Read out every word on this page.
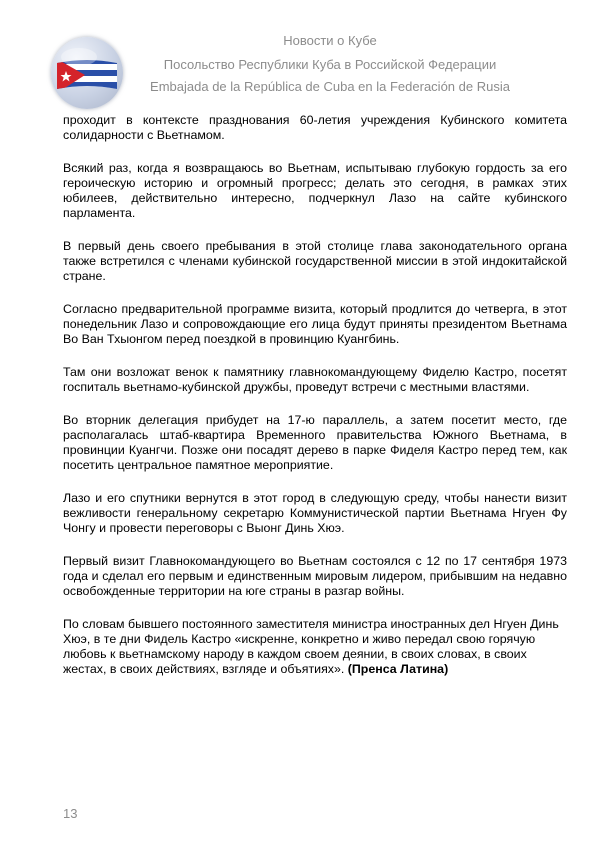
Новости о Кубе
Посольство Республики Куба в Российской Федерации
Embajada de la República de Cuba en la Federación de Rusia

проходит в контексте празднования 60-летия учреждения Кубинского комитета солидарности с Вьетнамом.

Всякий раз, когда я возвращаюсь во Вьетнам, испытываю глубокую гордость за его героическую историю и огромный прогресс; делать это сегодня, в рамках этих юбилеев, действительно интересно, подчеркнул Лазо на сайте кубинского парламента.

В первый день своего пребывания в этой столице глава законодательного органа также встретился с членами кубинской государственной миссии в этой индокитайской стране.

Согласно предварительной программе визита, который продлится до четверга, в этот понедельник Лазо и сопровождающие его лица будут приняты президентом Вьетнама Во Ван Тхыонгом перед поездкой в провинцию Куангбинь.

Там они возложат венок к памятнику главнокомандующему Фиделю Кастро, посетят госпиталь вьетнамо-кубинской дружбы, проведут встречи с местными властями.

Во вторник делегация прибудет на 17-ю параллель, а затем посетит место, где располагалась штаб-квартира Временного правительства Южного Вьетнама, в провинции Куангчи. Позже они посадят дерево в парке Фиделя Кастро перед тем, как посетить центральное памятное мероприятие.

Лазо и его спутники вернутся в этот город в следующую среду, чтобы нанести визит вежливости генеральному секретарю Коммунистической партии Вьетнама Нгуен Фу Чонгу и провести переговоры с Выонг Динь Хюэ.

Первый визит Главнокомандующего во Вьетнам состоялся с 12 по 17 сентября 1973 года и сделал его первым и единственным мировым лидером, прибывшим на недавно освобожденные территории на юге страны в разгар войны.

По словам бывшего постоянного заместителя министра иностранных дел Нгуен Динь Хюэ, в те дни Фидель Кастро «искренне, конкретно и живо передал свою горячую любовь к вьетнамскому народу в каждом своем деянии, в своих словах, в своих жестах, в своих действиях, взгляде и объятиях». (Пренса Латина)

13
